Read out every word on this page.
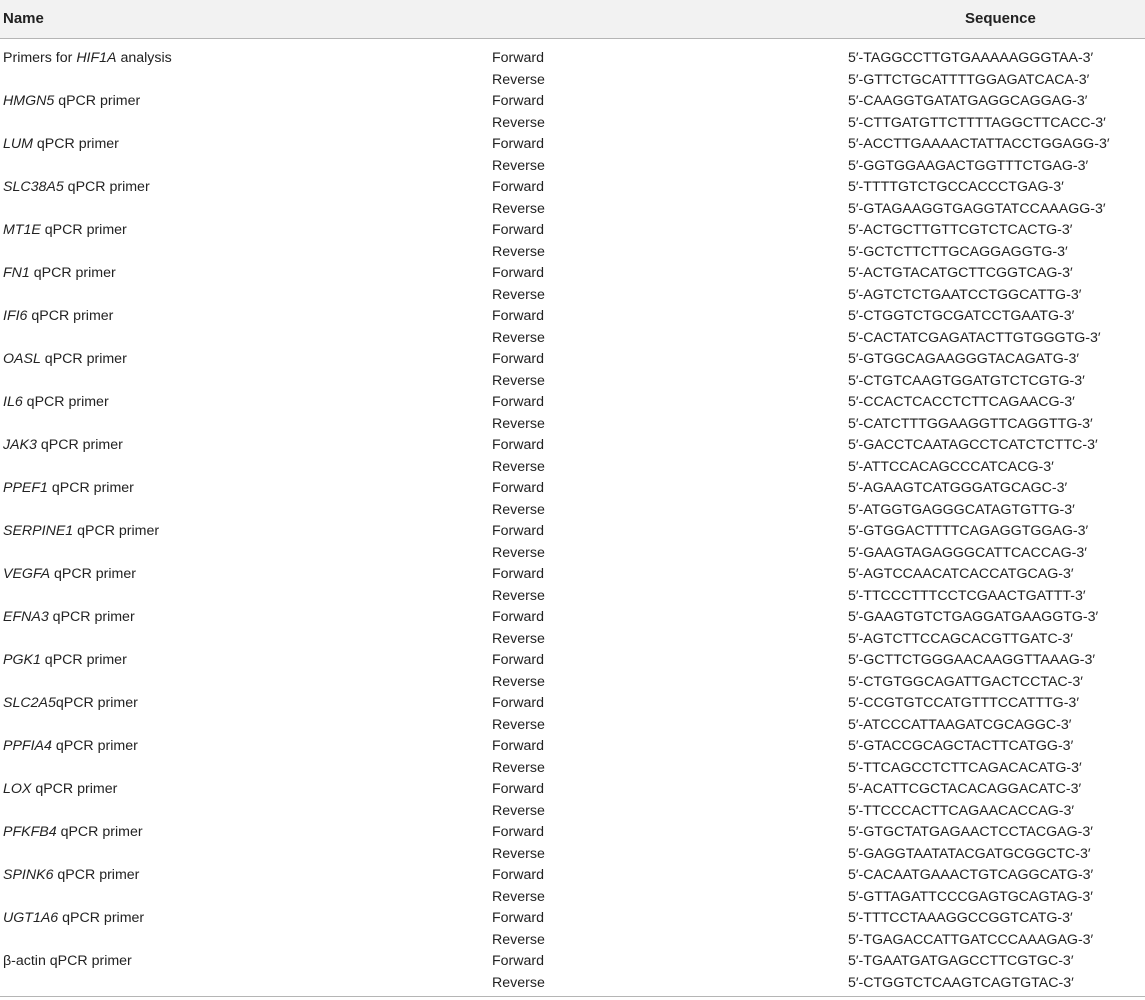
Name	Sequence
Primers for HIF1A analysis	Forward	5′-TAGGCCTTGTGAAAAAGGGTAA-3′
Reverse	5′-GTTCTGCATTTTGGAGATCACA-3′
HMGN5 qPCR primer	Forward	5′-CAAGGTGATATGAGGCAGGAG-3′
Reverse	5′-CTTGATGTTCTTTTAGGCTTCACC-3′
LUM qPCR primer	Forward	5′-ACCTTGAAAACTATTACCTGGAGG-3′
Reverse	5′-GGTGGAAGACTGGTTTCTGAG-3′
SLC38A5 qPCR primer	Forward	5′-TTTTGTCTGCCACCCTGAG-3′
Reverse	5′-GTAGAAGGTGAGGTATCCAAAGG-3′
MT1E qPCR primer	Forward	5′-ACTGCTTGTTCGTCTCACTG-3′
Reverse	5′-GCTCTTCTTGCAGGAGGTG-3′
FN1 qPCR primer	Forward	5′-ACTGTACATGCTTCGGTCAG-3′
Reverse	5′-AGTCTCTGAATCCTGGCATTG-3′
IFI6 qPCR primer	Forward	5′-CTGGTCTGCGATCCTGAATG-3′
Reverse	5′-CACTATCGAGATACTTGTGGGTG-3′
OASL qPCR primer	Forward	5′-GTGGCAGAAGGGTACAGATG-3′
Reverse	5′-CTGTCAAGTGGATGTCTCGTG-3′
IL6 qPCR primer	Forward	5′-CCACTCACCTCTTCAGAACG-3′
Reverse	5′-CATCTTTGGAAGGTTCAGGTTG-3′
JAK3 qPCR primer	Forward	5′-GACCTCAATAGCCTCATCTCTTC-3′
Reverse	5′-ATTCCACAGCCCATCACG-3′
PPEF1 qPCR primer	Forward	5′-AGAAGTCATGGGATGCAGC-3′
Reverse	5′-ATGGTGAGGGCATAGTGTTG-3′
SERPINE1 qPCR primer	Forward	5′-GTGGACTTTTCAGAGGTGGAG-3′
Reverse	5′-GAAGTAGAGGGCATTCACCAG-3′
VEGFA qPCR primer	Forward	5′-AGTCCAACATCACCATGCAG-3′
Reverse	5′-TTCCCTTTCCTCGAACTGATTT-3′
EFNA3 qPCR primer	Forward	5′-GAAGTGTCTGAGGATGAAGGTG-3′
Reverse	5′-AGTCTTCCAGCACGTTGATC-3′
PGK1 qPCR primer	Forward	5′-GCTTCTGGGAACAAGGTTAAAG-3′
Reverse	5′-CTGTGGCAGATTGACTCCTAC-3′
SLC2A5qPCR primer	Forward	5′-CCGTGTCCATGTTTCCATTTG-3′
Reverse	5′-ATCCCATTAAGATCGCAGGC-3′
PPFIA4 qPCR primer	Forward	5′-GTACCGCAGCTACTTCATGG-3′
Reverse	5′-TTCAGCCTCTTCAGACACATG-3′
LOX qPCR primer	Forward	5′-ACATTCGCTACACAGGACATC-3′
Reverse	5′-TTCCCACTTCAGAACACCAG-3′
PFKFB4 qPCR primer	Forward	5′-GTGCTATGAGAACTCCTACGAG-3′
Reverse	5′-GAGGTAATATACGATGCGGCTC-3′
SPINK6 qPCR primer	Forward	5′-CACAATGAAACTGTCAGGCATG-3′
Reverse	5′-GTTAGATTCCCGAGTGCAGTAG-3′
UGT1A6 qPCR primer	Forward	5′-TTTCCTAAAGGCCGGTCATG-3′
Reverse	5′-TGAGACCATTGATCCCAAAGAG-3′
β-actin qPCR primer	Forward	5′-TGAATGATGAGCCTTCGTGC-3′
Reverse	5′-CTGGTCTCAAGTCAGTGTAC-3′
